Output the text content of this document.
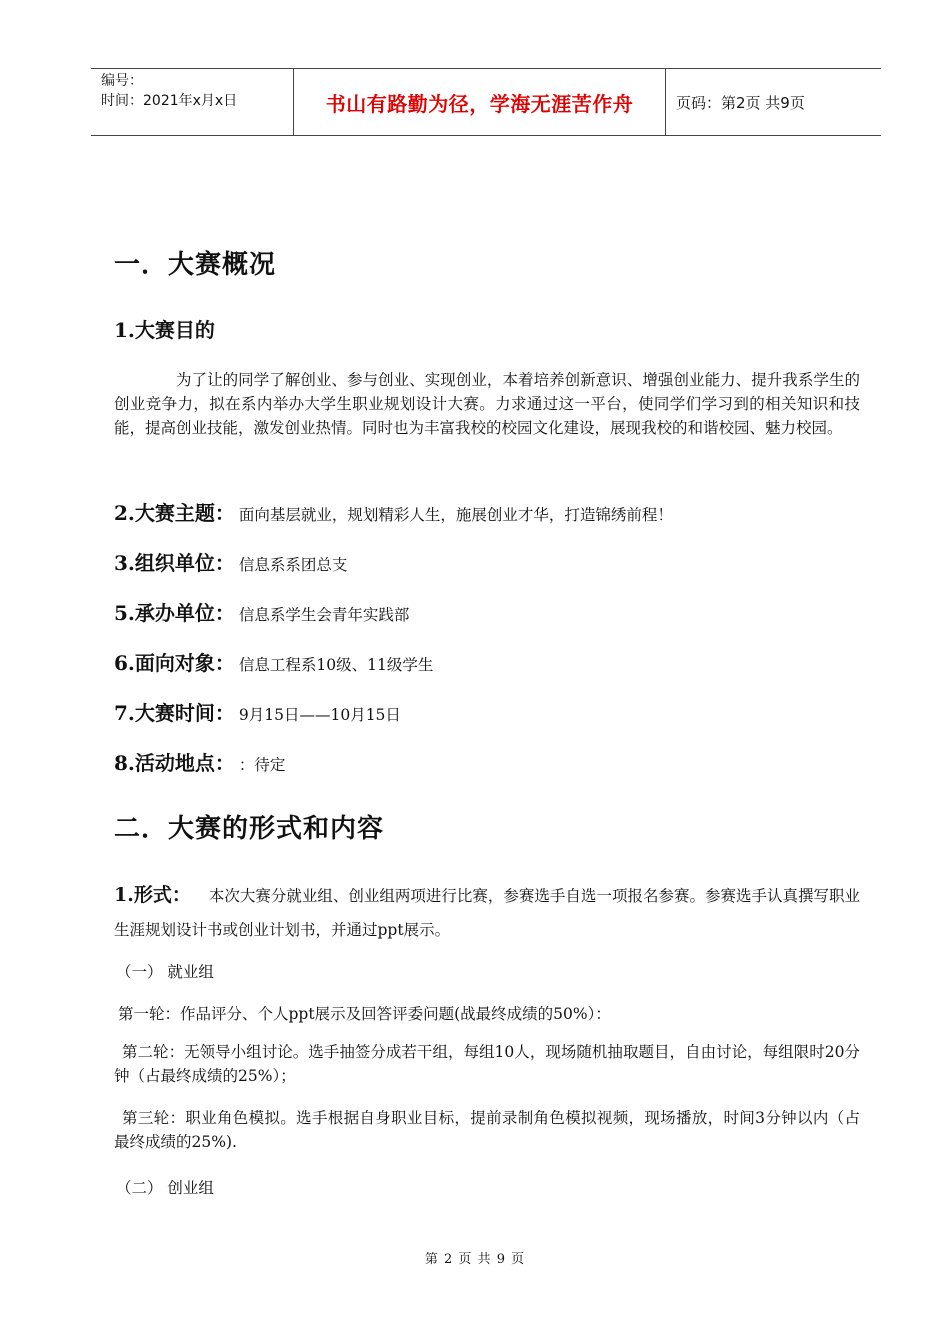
编号：
时间：2021年x月x日	书山有路勤为径，学海无涯苦作舟	页码：第2页 共9页
一．大赛概况
1.大赛目的

为了让的同学了解创业、参与创业、实现创业，本着培养创新意识、增强创业能力、提升我系学生的创业竞争力，拟在系内举办大学生职业规划设计大赛。力求通过这一平台，使同学们学习到的相关知识和技能，提高创业技能，激发创业热情。同时也为丰富我校的校园文化建设，展现我校的和谐校园、魅力校园。

2.大赛主题： 面向基层就业，规划精彩人生，施展创业才华，打造锦绣前程！
3.组织单位： 信息系系团总支
5.承办单位： 信息系学生会青年实践部
6.面向对象： 信息工程系10级、11级学生
7.大赛时间： 9月15日——10月15日
8.活动地点： ：待定
二．大赛的形式和内容

1.形式： 本次大赛分就业组、创业组两项进行比赛，参赛选手自选一项报名参赛。参赛选手认真撰写职业生涯规划设计书或创业计划书，并通过ppt展示。

（一） 就业组
第一轮：作品评分、个人ppt展示及回答评委问题(战最终成绩的50%）：

第二轮：无领导小组讨论。选手抽签分成若干组，每组10人，现场随机抽取题目，自由讨论，每组限时20分钟（占最终成绩的25%）；

第三轮：职业角色模拟。选手根据自身职业目标，提前录制角色模拟视频，现场播放，时间3分钟以内（占最终成绩的25%).

（二） 创业组
第 2 页 共 9 页
